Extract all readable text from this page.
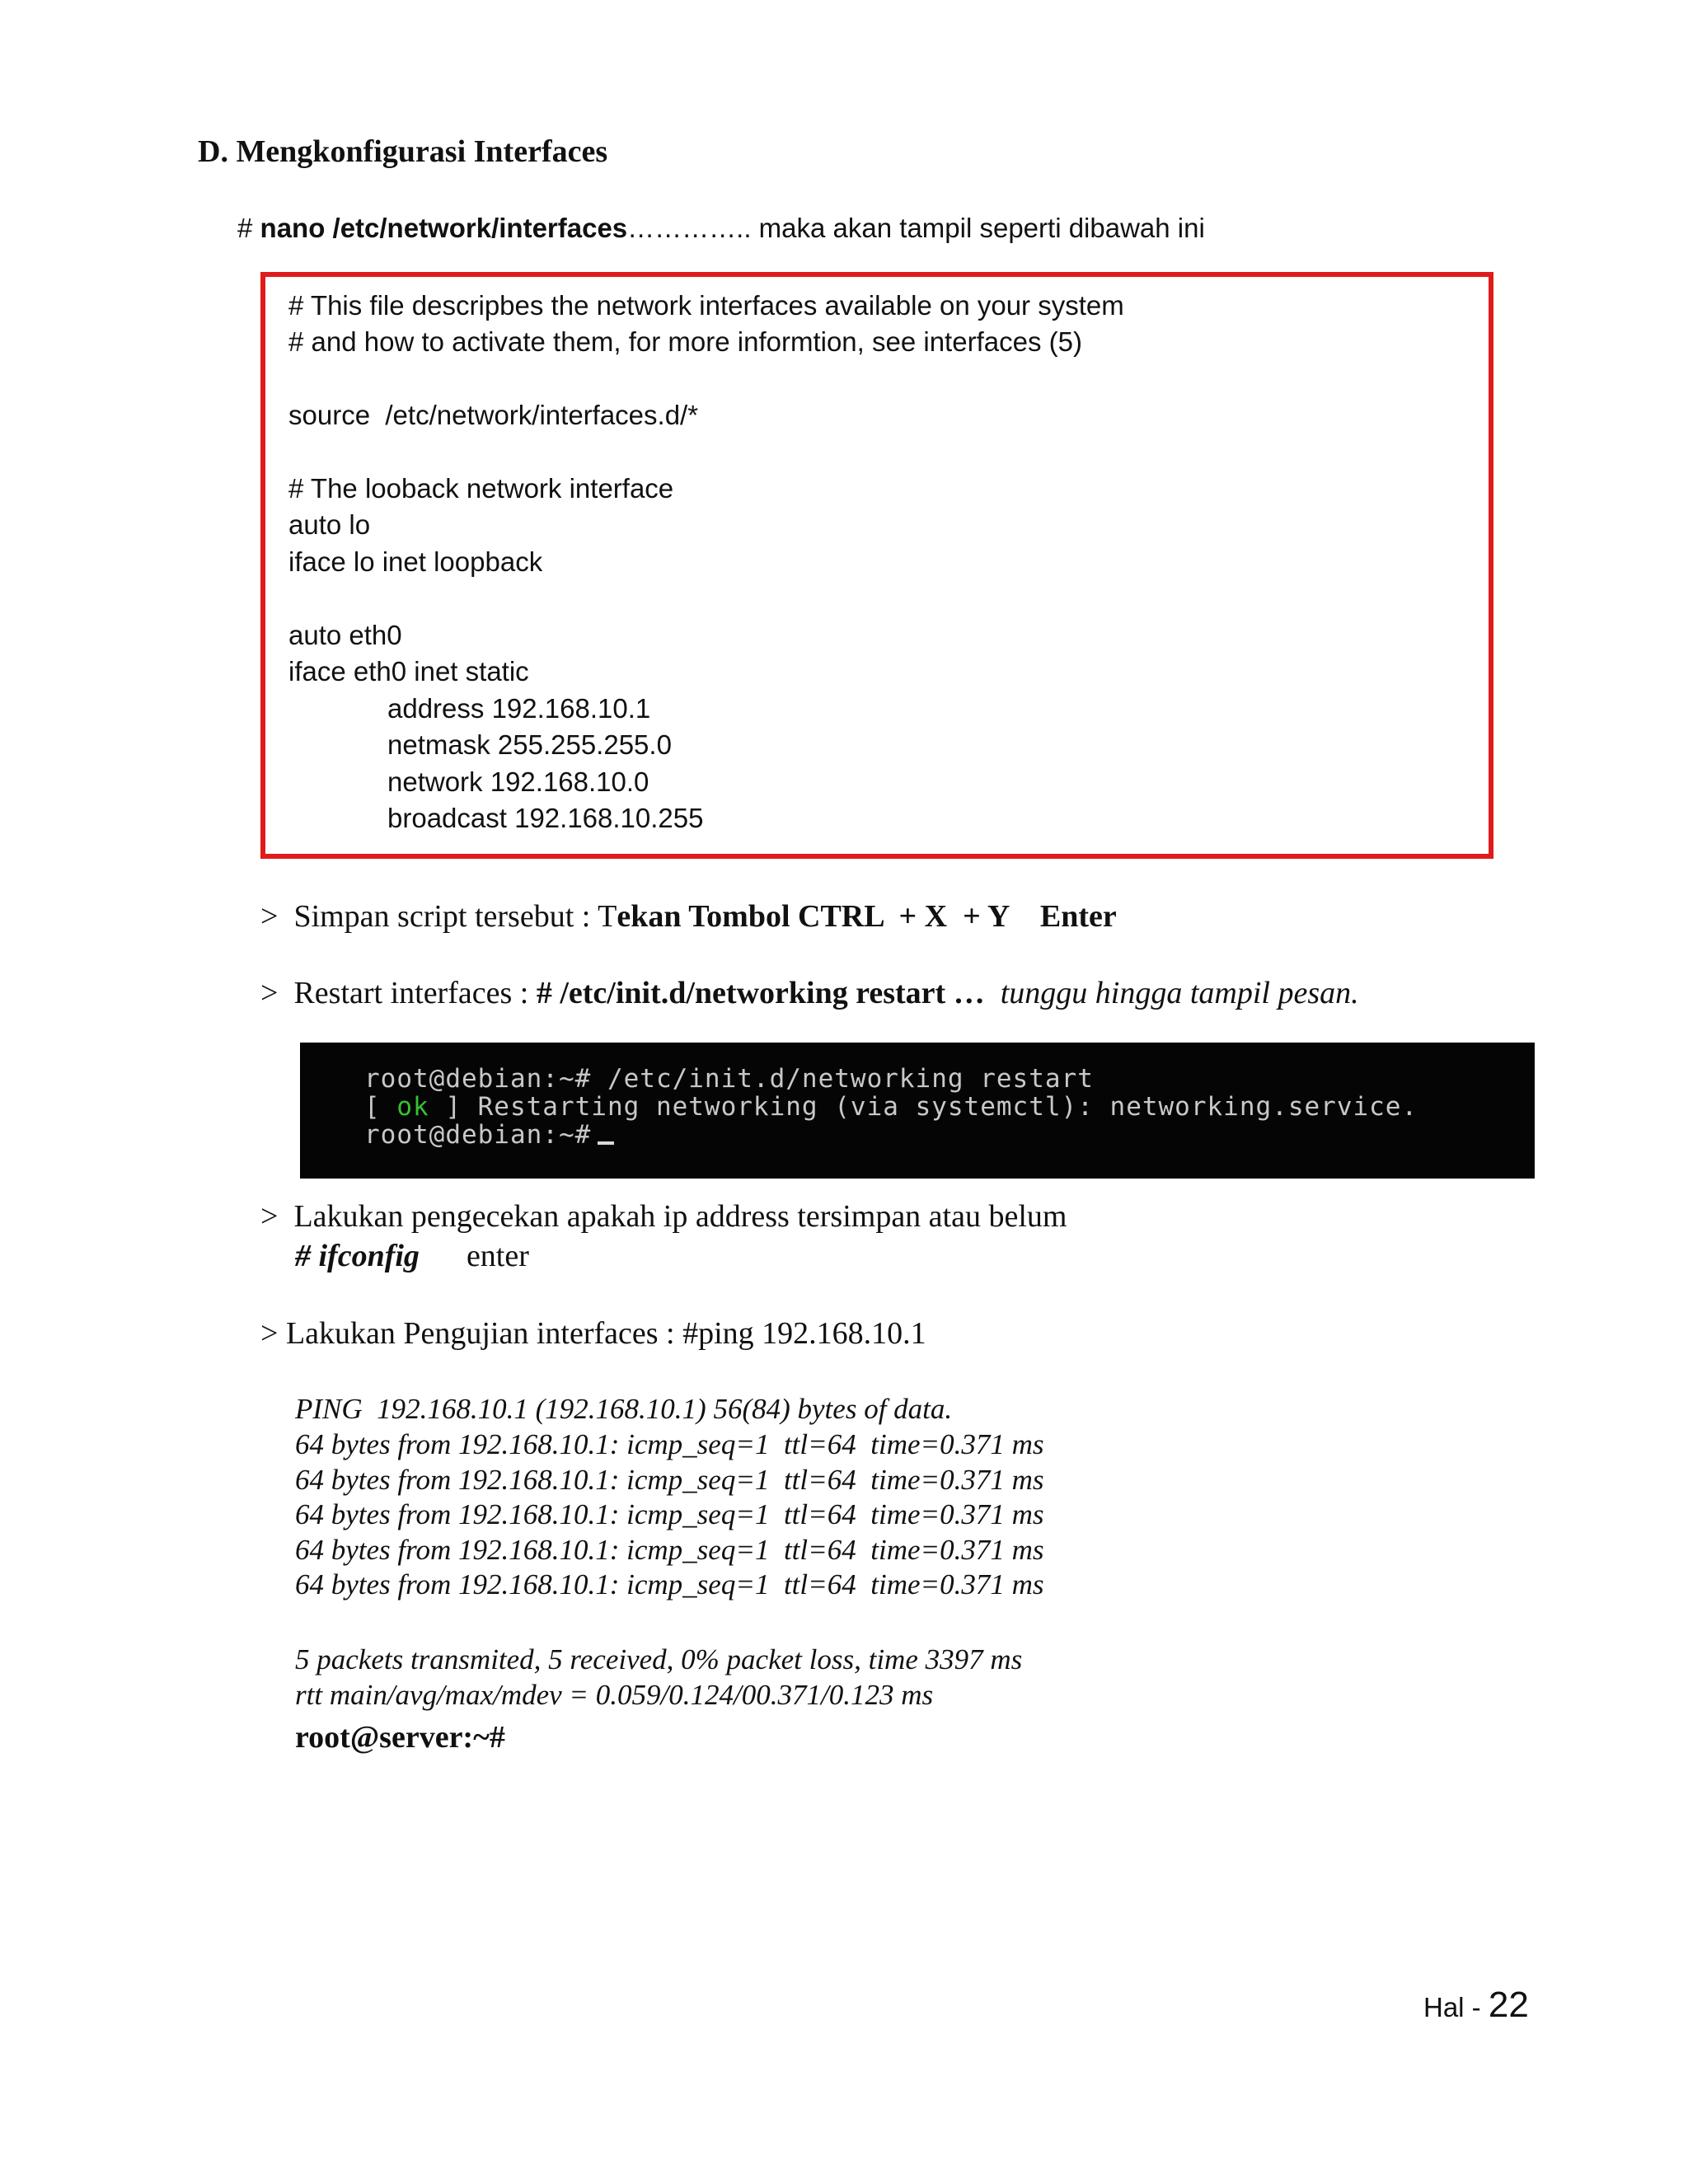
D. Mengkonfigurasi Interfaces
# nano /etc/network/interfaces………….. maka akan tampil seperti dibawah ini
# This file descripbes the network interfaces available on your system
# and how to activate them, for more informtion, see interfaces (5)
source  /etc/network/interfaces.d/*
# The looback network interface
auto lo
iface lo inet loopback
auto eth0
iface eth0 inet static
address 192.168.10.1
netmask 255.255.255.0
network 192.168.10.0
broadcast 192.168.10.255
> Simpan script tersebut : Tekan Tombol CTRL  + X  + Y    Enter
> Restart interfaces : # /etc/init.d/networking restart … tunggu hingga tampil pesan.
root@debian:~# /etc/init.d/networking restart
[ ok ] Restarting networking (via systemctl): networking.service.
root@debian:~#
> Lakukan pengecekan apakah ip address tersimpan atau belum
# ifconfig enter
> Lakukan Pengujian interfaces : #ping 192.168.10.1
PING  192.168.10.1 (192.168.10.1) 56(84) bytes of data.
64 bytes from 192.168.10.1: icmp_seq=1  ttl=64  time=0.371 ms
64 bytes from 192.168.10.1: icmp_seq=1  ttl=64  time=0.371 ms
64 bytes from 192.168.10.1: icmp_seq=1  ttl=64  time=0.371 ms
64 bytes from 192.168.10.1: icmp_seq=1  ttl=64  time=0.371 ms
64 bytes from 192.168.10.1: icmp_seq=1  ttl=64  time=0.371 ms
5 packets transmited, 5 received, 0% packet loss, time 3397 ms
rtt main/avg/max/mdev = 0.059/0.124/00.371/0.123 ms
root@server:~#
Hal - 22
